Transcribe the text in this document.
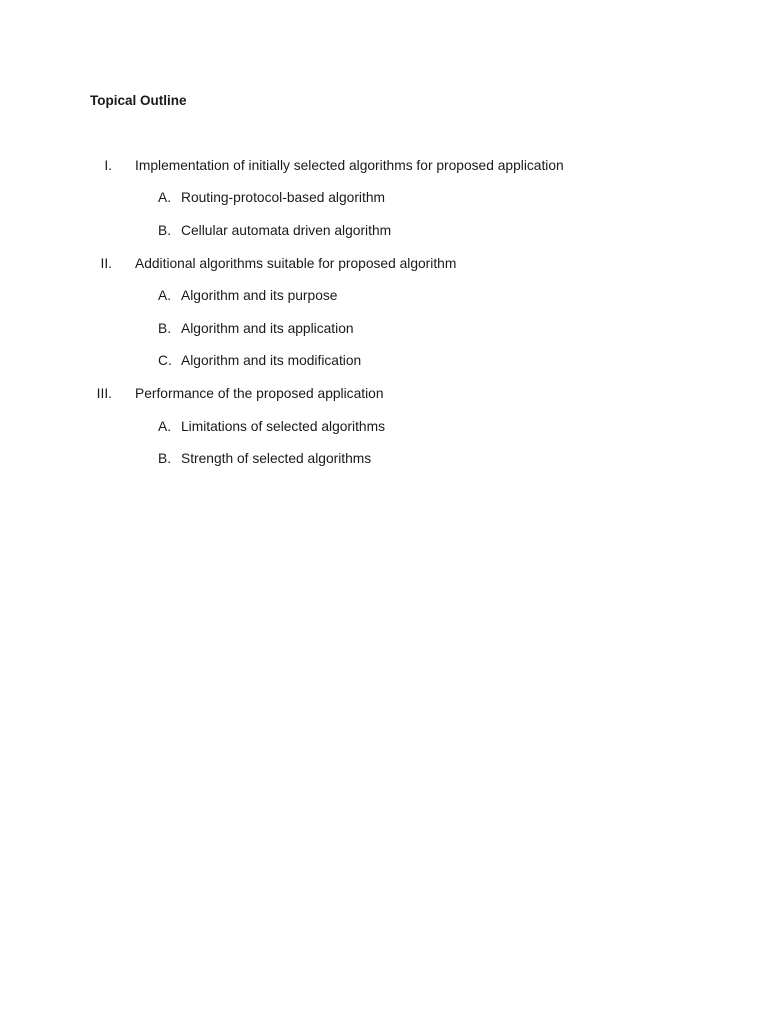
Topical Outline
I. Implementation of initially selected algorithms for proposed application
A. Routing-protocol-based algorithm
B. Cellular automata driven algorithm
II. Additional algorithms suitable for proposed algorithm
A. Algorithm and its purpose
B. Algorithm and its application
C. Algorithm and its modification
III. Performance of the proposed application
A. Limitations of selected algorithms
B. Strength of selected algorithms
